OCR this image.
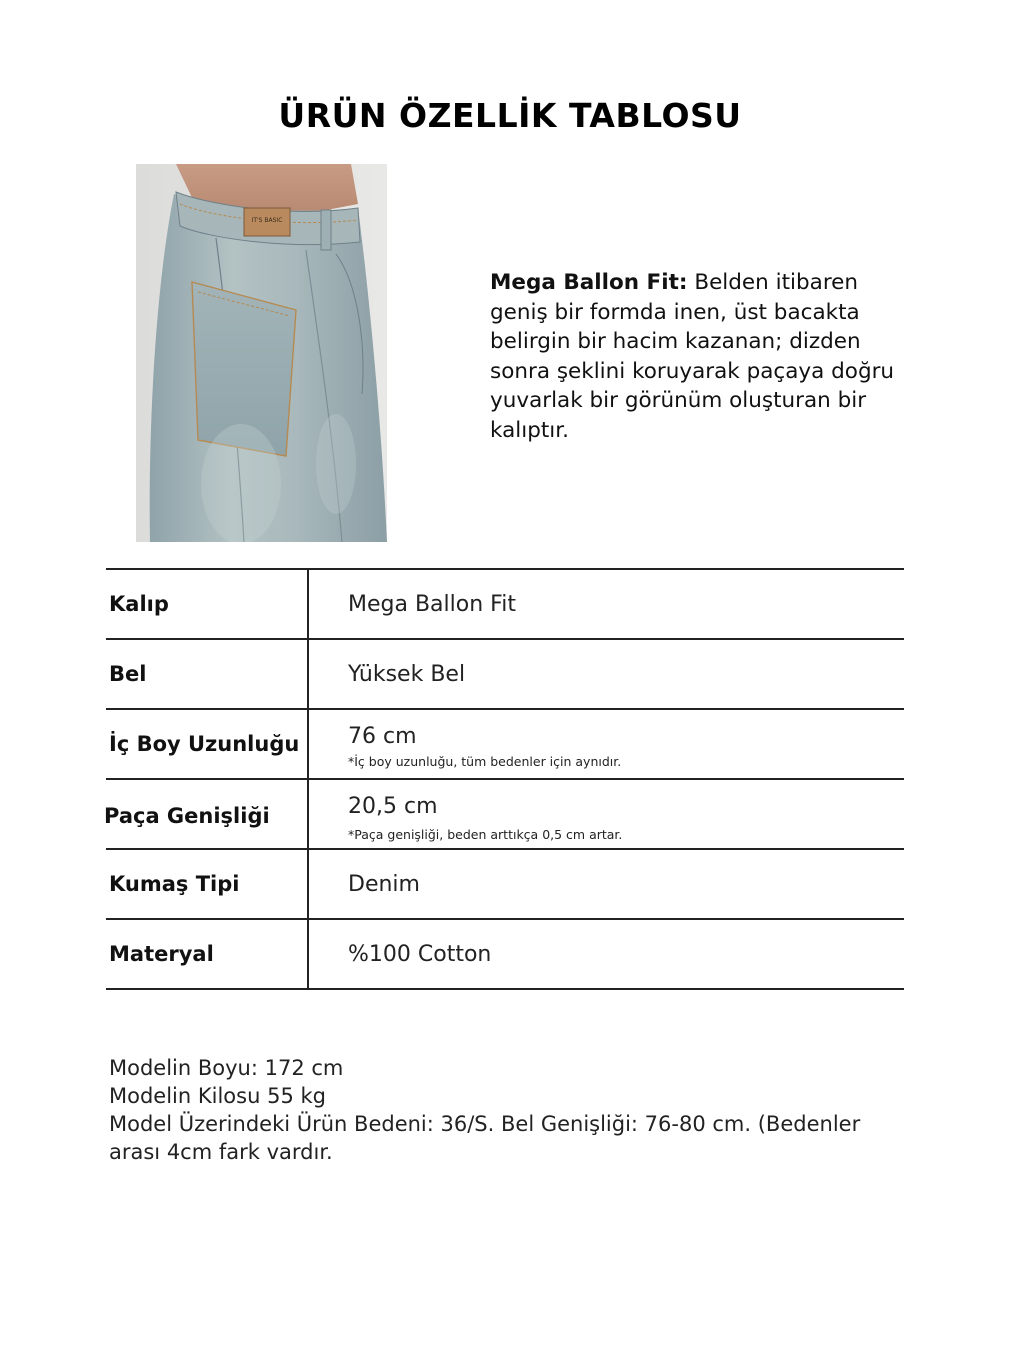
ÜRÜN ÖZELLİK TABLOSU
IT'S BASIC
Mega Ballon Fit: Belden itibaren geniş bir formda inen, üst bacakta belirgin bir hacim kazanan; dizden sonra şeklini koruyarak paçaya doğru yuvarlak bir görünüm oluşturan bir kalıptır.
Kalıp	Mega Ballon Fit
Bel	Yüksek Bel
İç Boy Uzunluğu 76 cm
*İç boy uzunluğu, tüm bedenler için aynıdır.
Paça Genişliği	20,5 cm
*Paça genişliği, beden arttıkça 0,5 cm artar.
Kumaş Tipi	Denim
Materyal	%100 Cotton
Modelin Boyu: 172 cm
Modelin Kilosu 55 kg
Model Üzerindeki Ürün Bedeni: 36/S. Bel Genişliği: 76-80 cm. (Bedenler arası 4cm fark vardır.
